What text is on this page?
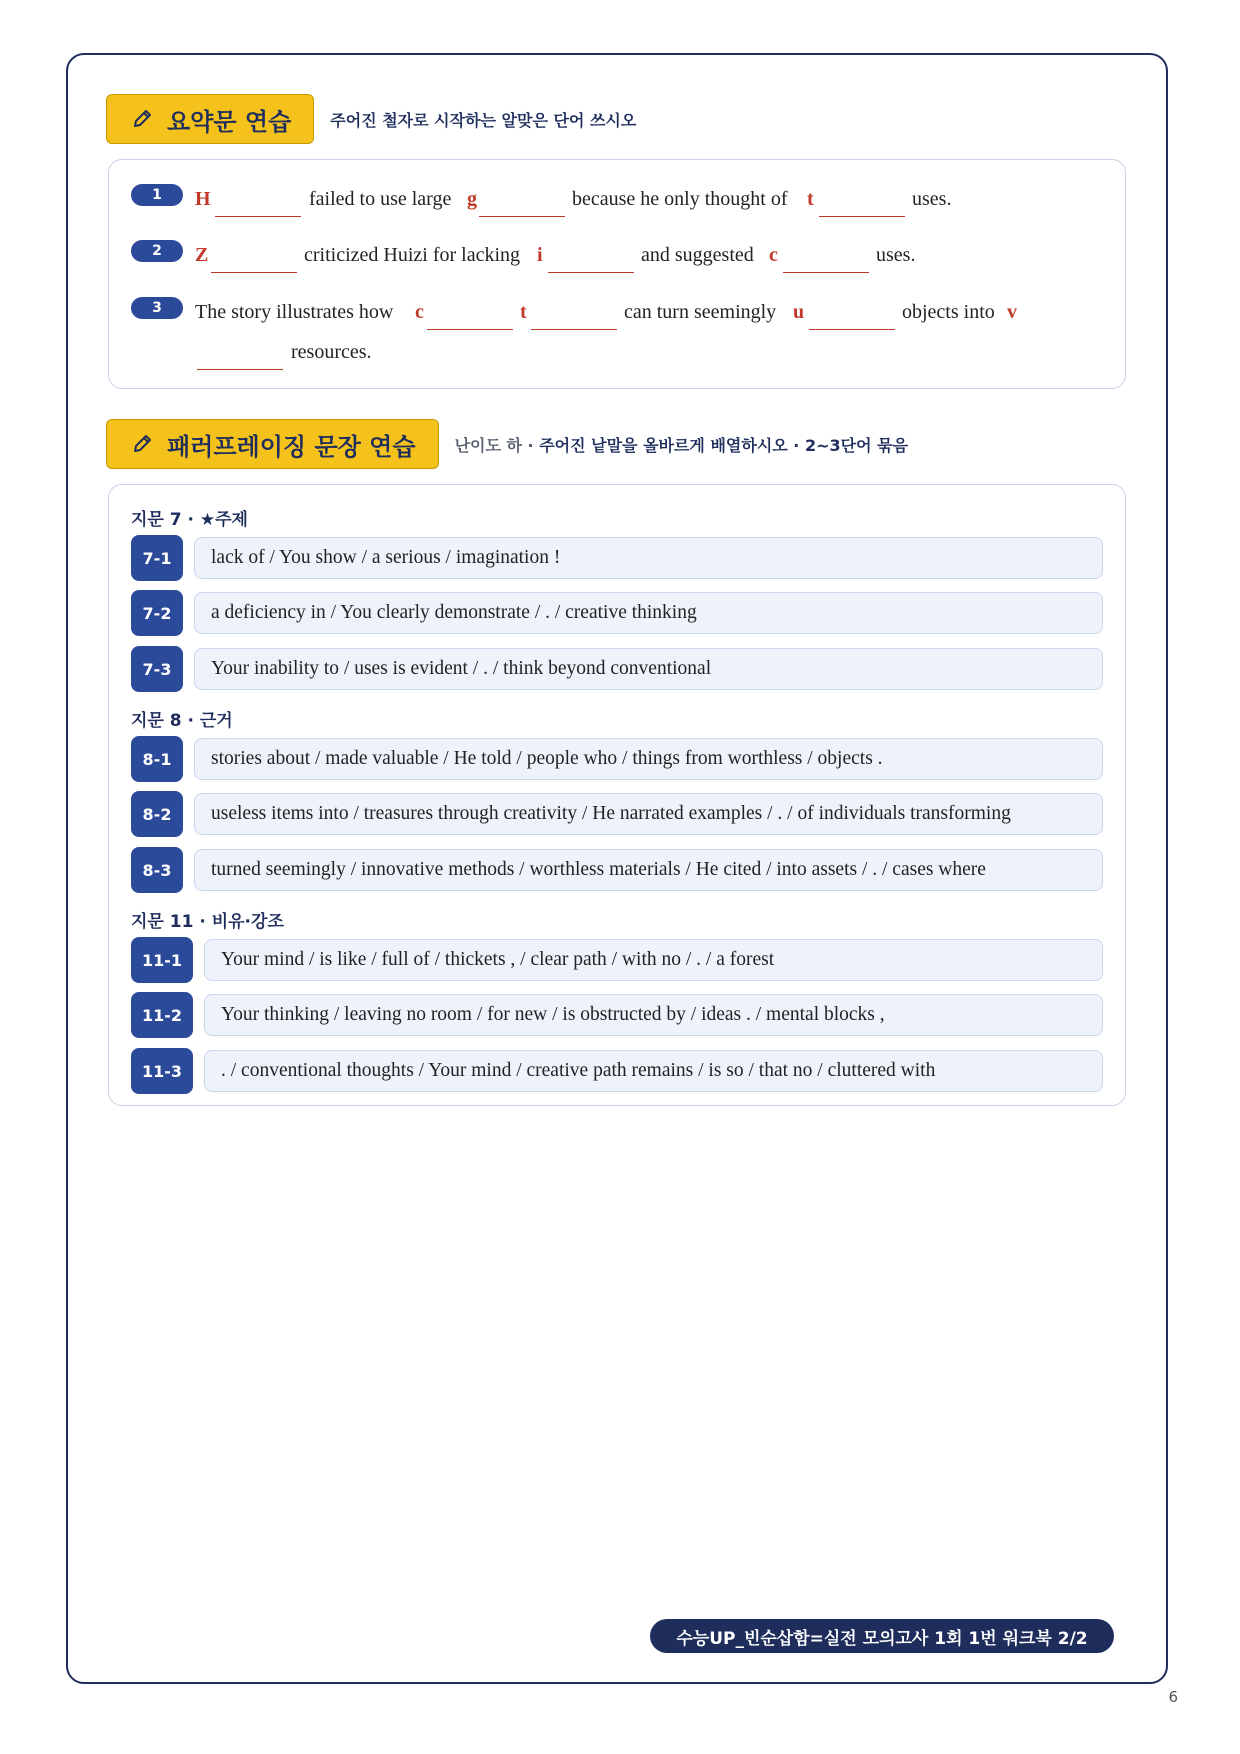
요약문 연습 주어진 철자로 시작하는 알맞은 단어 쓰시오
1	H	failed to use large g	because he only thought of t	uses.
2	Z	criticized Huizi for lacking i	and suggested c	uses.
3	The story illustrates how c	t	can turn seemingly u	objects into v
resources.
패러프레이징 문장 연습 난이도 하 · 주어진 낱말을 올바르게 배열하시오 · 2~3단어 묶음
지문 7 · ★주제
7-1	lack of / You show / a serious / imagination !
7-2	a deficiency in / You clearly demonstrate / . / creative thinking
7-3	Your inability to / uses is evident / . / think beyond conventional
지문 8 · 근거
8-1	stories about / made valuable / He told / people who / things from worthless / objects .
8-2	useless items into / treasures through creativity / He narrated examples / . / of individuals transforming
8-3	turned seemingly / innovative methods / worthless materials / He cited / into assets / . / cases where
지문 11 · 비유·강조
11-1	Your mind / is like / full of / thickets , / clear path / with no / . / a forest
11-2	Your thinking / leaving no room / for new / is obstructed by / ideas . / mental blocks ,
11-3	. / conventional thoughts / Your mind / creative path remains / is so / that no / cluttered with
수능UP_빈순삽함=실전 모의고사 1회 1번 워크북 2/2
6
